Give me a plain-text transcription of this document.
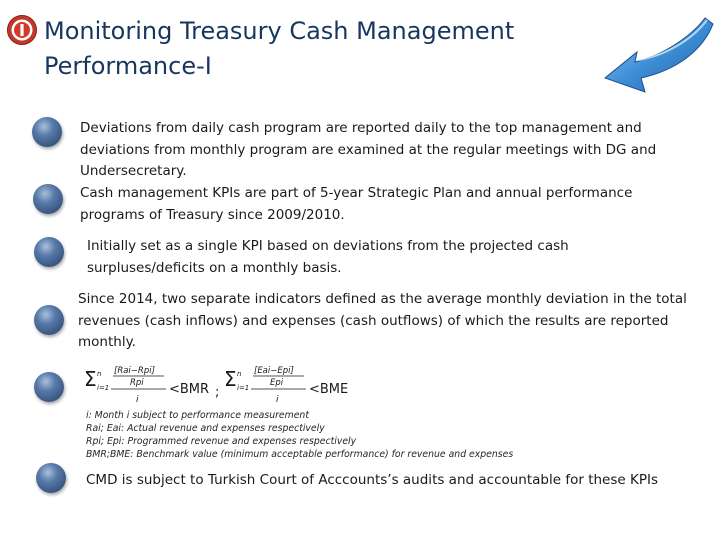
Monitoring Treasury Cash Management Performance-I

Deviations from daily cash program are reported daily to the top management and deviations from monthly program are examined at the regular meetings with DG and Undersecretary.

Cash management KPIs are part of 5-year Strategic Plan and annual performance programs of Treasury since 2009/2010.

Initially set as a single KPI based on deviations from the projected cash surpluses/deficits on a monthly basis.

Since 2014, two separate indicators defined as the average monthly deviation in the total revenues (cash inflows) and expenses (cash outflows) of which the results are reported monthly.

CMD is subject to Turkish Court of Acccounts’s audits and accountable for these KPIs

Σ n
i=1
[Rai−Rpi]
Rpi
i
<BMR ;
Σ n
i=1
[Eai−Epi]
Epi
i
<BME
i: Month i subject to performance measurement
Rai; Eai: Actual revenue and expenses respectively
Rpi; Epi: Programmed revenue and expenses respectively
BMR;BME: Benchmark value (minimum acceptable performance) for revenue and expenses
